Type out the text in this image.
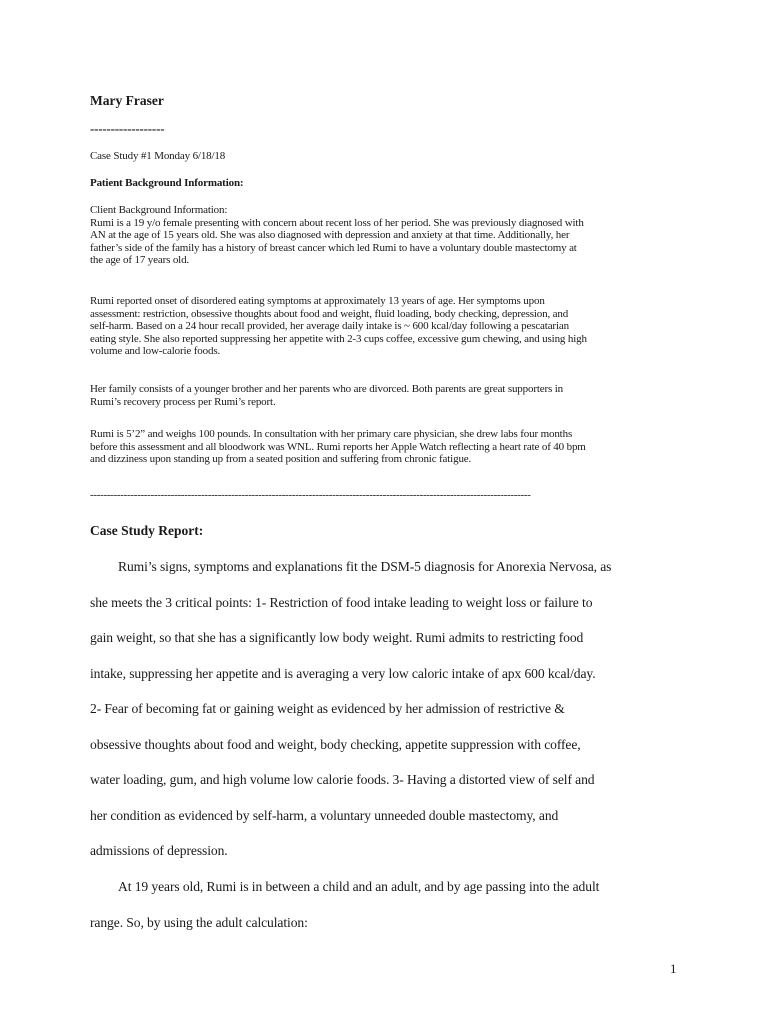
Mary Fraser
------------------
Case Study #1 Monday 6/18/18
Patient Background Information:
Client Background Information:
Rumi is a 19 y/o female presenting with concern about recent loss of her period. She was previously diagnosed with
AN at the age of 15 years old. She was also diagnosed with depression and anxiety at that time. Additionally, her
father’s side of the family has a history of breast cancer which led Rumi to have a voluntary double mastectomy at
the age of 17 years old.
Rumi reported onset of disordered eating symptoms at approximately 13 years of age. Her symptoms upon
assessment: restriction, obsessive thoughts about food and weight, fluid loading, body checking, depression, and
self-harm. Based on a 24 hour recall provided, her average daily intake is ~ 600 kcal/day following a pescatarian
eating style. She also reported suppressing her appetite with 2-3 cups coffee, excessive gum chewing, and using high
volume and low-calorie foods.
Her family consists of a younger brother and her parents who are divorced. Both parents are great supporters in
Rumi’s recovery process per Rumi’s report.
Rumi is 5’2” and weighs 100 pounds. In consultation with her primary care physician, she drew labs four months
before this assessment and all bloodwork was WNL. Rumi reports her Apple Watch reflecting a heart rate of 40 bpm
and dizziness upon standing up from a seated position and suffering from chronic fatigue.
-----------------------------------------------------------------------------------------------------------------------------------
Case Study Report:
Rumi’s signs, symptoms and explanations fit the DSM-5 diagnosis for Anorexia Nervosa, as
she meets the 3 critical points: 1- Restriction of food intake leading to weight loss or failure to
gain weight, so that she has a significantly low body weight. Rumi admits to restricting food
intake, suppressing her appetite and is averaging a very low caloric intake of apx 600 kcal/day.
2- Fear of becoming fat or gaining weight as evidenced by her admission of restrictive &
obsessive thoughts about food and weight, body checking, appetite suppression with coffee,
water loading, gum, and high volume low calorie foods. 3- Having a distorted view of self and
her condition as evidenced by self-harm, a voluntary unneeded double mastectomy, and
admissions of depression.
At 19 years old, Rumi is in between a child and an adult, and by age passing into the adult
range. So, by using the adult calculation:
1
